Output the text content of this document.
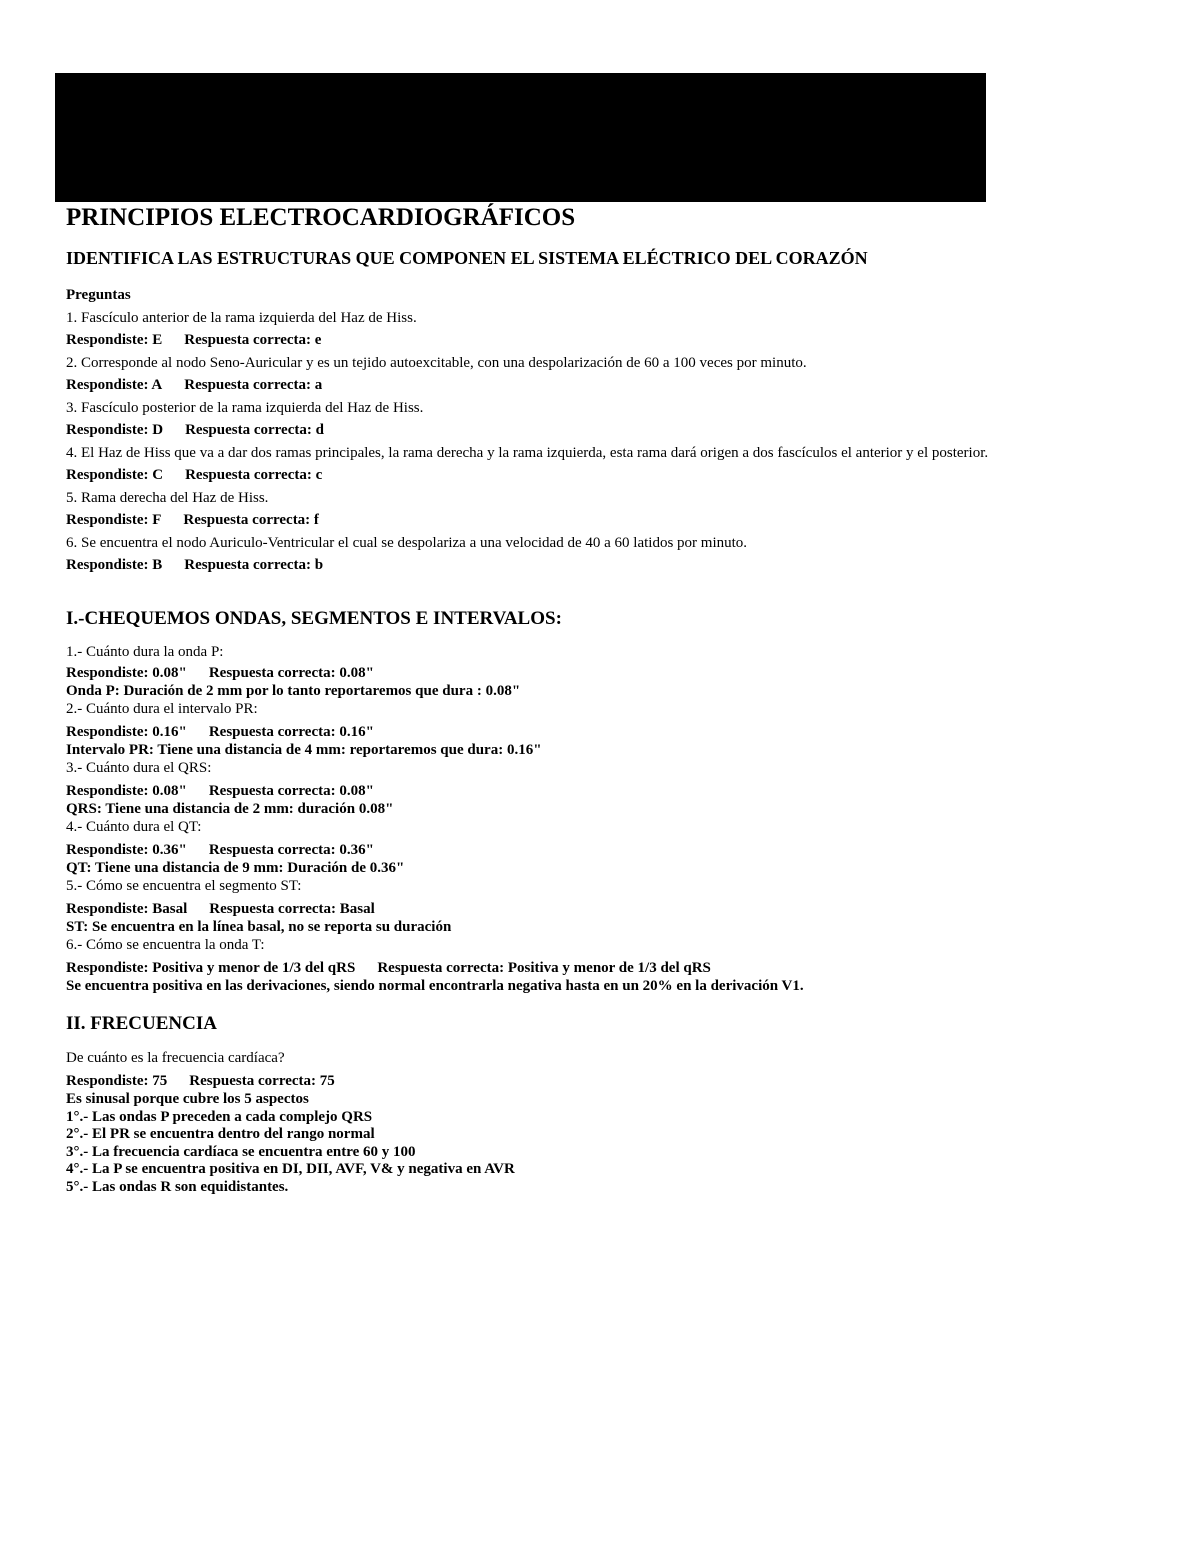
PRINCIPIOS ELECTROCARDIOGRÁFICOS
IDENTIFICA LAS ESTRUCTURAS QUE COMPONEN EL SISTEMA ELÉCTRICO DEL CORAZÓN
Preguntas

1. Fascículo anterior de la rama izquierda del Haz de Hiss.

Respondiste: E Respuesta correcta: e

2. Corresponde al nodo Seno-Auricular y es un tejido autoexcitable, con una despolarización de 60 a 100 veces por minuto.

Respondiste: A Respuesta correcta: a

3. Fascículo posterior de la rama izquierda del Haz de Hiss.

Respondiste: D Respuesta correcta: d

4. El Haz de Hiss que va a dar dos ramas principales, la rama derecha y la rama izquierda, esta rama dará origen a dos fascículos el anterior y el posterior.

Respondiste: C Respuesta correcta: c

5. Rama derecha del Haz de Hiss.

Respondiste: F Respuesta correcta: f

6. Se encuentra el nodo Auriculo-Ventricular el cual se despolariza a una velocidad de 40 a 60 latidos por minuto.

Respondiste: B Respuesta correcta: b

I.-CHEQUEMOS ONDAS, SEGMENTOS E INTERVALOS:

1.- Cuánto dura la onda P:

Respondiste: 0.08" Respuesta correcta: 0.08"

Onda P: Duración de 2 mm por lo tanto reportaremos que dura : 0.08"

2.- Cuánto dura el intervalo PR:

Respondiste: 0.16" Respuesta correcta: 0.16"

Intervalo PR: Tiene una distancia de 4 mm: reportaremos que dura: 0.16"

3.- Cuánto dura el QRS:

Respondiste: 0.08" Respuesta correcta: 0.08"

QRS: Tiene una distancia de 2 mm: duración 0.08"

4.- Cuánto dura el QT:

Respondiste: 0.36" Respuesta correcta: 0.36"

QT: Tiene una distancia de 9 mm: Duración de 0.36"

5.- Cómo se encuentra el segmento ST:

Respondiste: Basal Respuesta correcta: Basal

ST: Se encuentra en la línea basal, no se reporta su duración

6.- Cómo se encuentra la onda T:

Respondiste: Positiva y menor de 1/3 del qRS Respuesta correcta: Positiva y menor de 1/3 del qRS

Se encuentra positiva en las derivaciones, siendo normal encontrarla negativa hasta en un 20% en la derivación V1.

II. FRECUENCIA

De cuánto es la frecuencia cardíaca?

Respondiste: 75 Respuesta correcta: 75

Es sinusal porque cubre los 5 aspectos

1°.- Las ondas P preceden a cada complejo QRS

2°.- El PR se encuentra dentro del rango normal

3°.- La frecuencia cardíaca se encuentra entre 60 y 100

4°.- La P se encuentra positiva en DI, DII, AVF, V& y negativa en AVR

5°.- Las ondas R son equidistantes.
